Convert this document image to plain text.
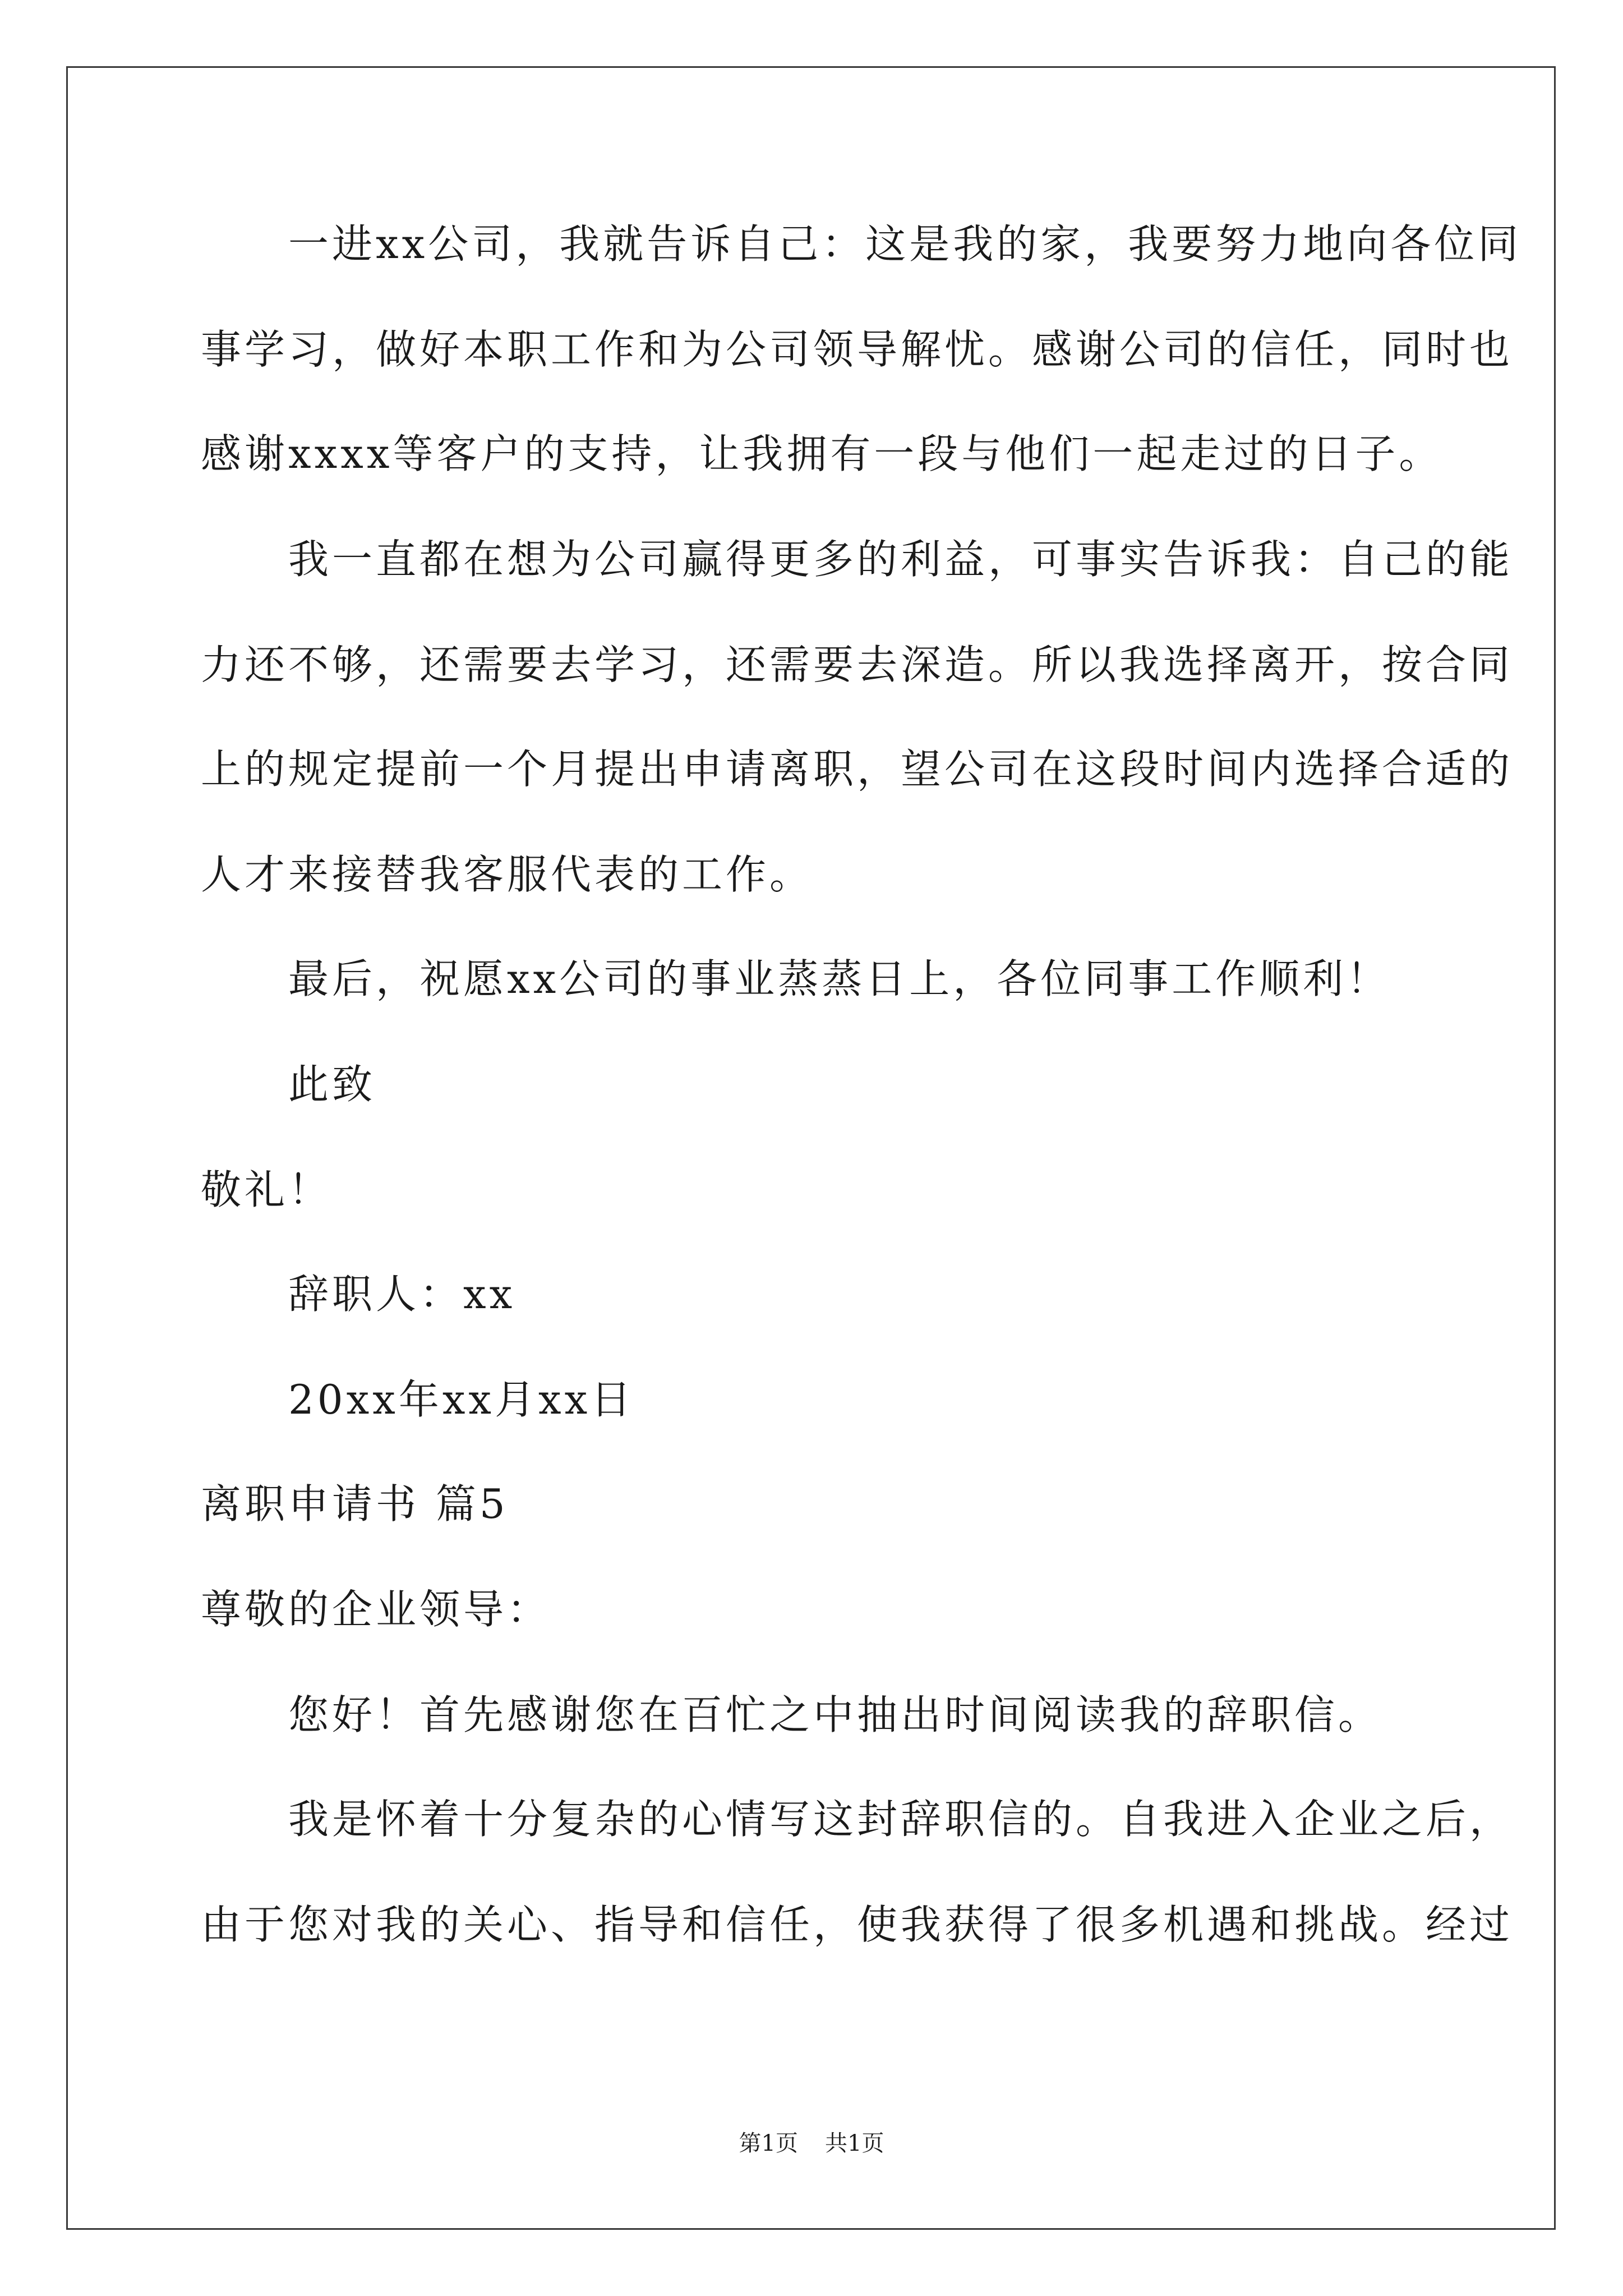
　　一进xx公司，我就告诉自己：这是我的家，我要努力地向各位同
事学习，做好本职工作和为公司领导解忧。感谢公司的信任，同时也
感谢xxxx等客户的支持，让我拥有一段与他们一起走过的日子。
　　我一直都在想为公司赢得更多的利益，可事实告诉我：自己的能
力还不够，还需要去学习，还需要去深造。所以我选择离开，按合同
上的规定提前一个月提出申请离职，望公司在这段时间内选择合适的
人才来接替我客服代表的工作。
　　最后，祝愿xx公司的事业蒸蒸日上，各位同事工作顺利！
　　此致
敬礼！
　　辞职人：xx
　　20xx年xx月xx日
离职申请书 篇5
尊敬的企业领导：
　　您好！首先感谢您在百忙之中抽出时间阅读我的辞职信。
　　我是怀着十分复杂的心情写这封辞职信的。自我进入企业之后，
由于您对我的关心、指导和信任，使我获得了很多机遇和挑战。经过
第1页 共1页
